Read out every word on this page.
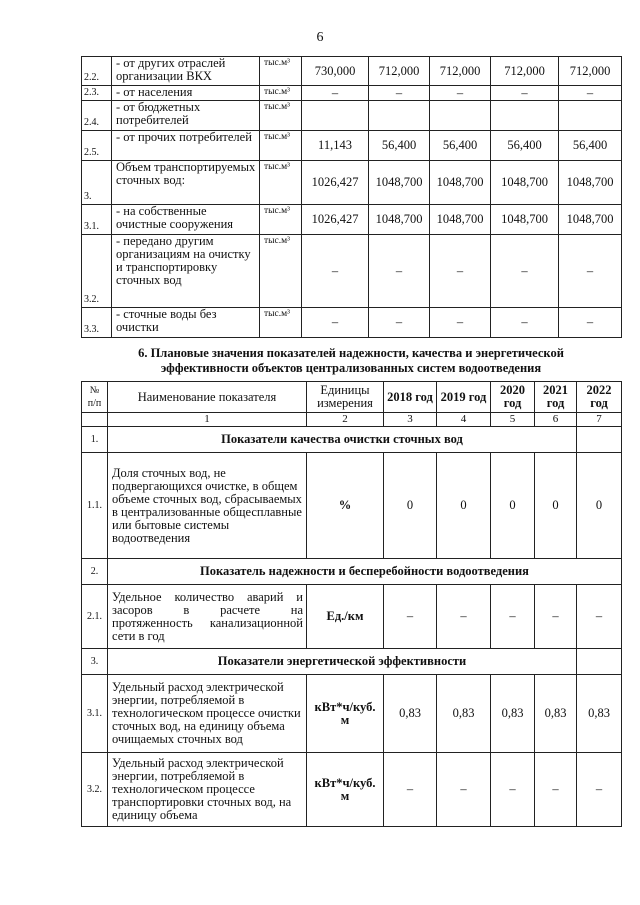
6
2.2.	- от других отраслей организации ВКХ	тыс.м³	730,000	712,000	712,000	712,000	712,000
2.3.	- от населения	тыс.м³	–	–	–	–	–
2.4.	- от бюджетных потребителей	тыс.м³					
2.5.	- от прочих потребителей	тыс.м³	11,143	56,400	56,400	56,400	56,400
3.	Объем транспортируемых сточных вод:	тыс.м³	1026,427	1048,700	1048,700	1048,700	1048,700
3.1.	- на собственные очистные сооружения	тыс.м³	1026,427	1048,700	1048,700	1048,700	1048,700
3.2.	- передано другим организациям на очистку и транспортировку сточных вод	тыс.м³	–	–	–	–	–
3.3.	- сточные воды без очистки	тыс.м³	–	–	–	–	–
6. Плановые значения показателей надежности, качества и энергетической
эффективности объектов централизованных систем водоотведения
№ п/п	Наименование показателя	Единицы измерения	2018 год	2019 год	2020 год	2021 год	2022 год
	1	2	3	4	5	6	7
1.	Показатели качества очистки сточных вод						
1.1.	Доля сточных вод, не подвергающихся очистке, в общем объеме сточных вод, сбрасываемых в централизованные общесплавные или бытовые системы водоотведения	%	0	0	0	0	0
2.	Показатель надежности и бесперебойности водоотведения						
2.1.	Удельное количество аварий и засоров в расчете на протяженность канализационной сети в год	Ед./км	–	–	–	–	–
3.	Показатели энергетической эффективности						
3.1.	Удельный расход электрической энергии, потребляемой в технологическом процессе очистки сточных вод, на единицу объема очищаемых сточных вод	кВт*ч/куб. м	0,83	0,83	0,83	0,83	0,83
3.2.	Удельный расход электрической энергии, потребляемой в технологическом процессе транспортировки сточных вод, на единицу объема	кВт*ч/куб. м	–	–	–	–	–
